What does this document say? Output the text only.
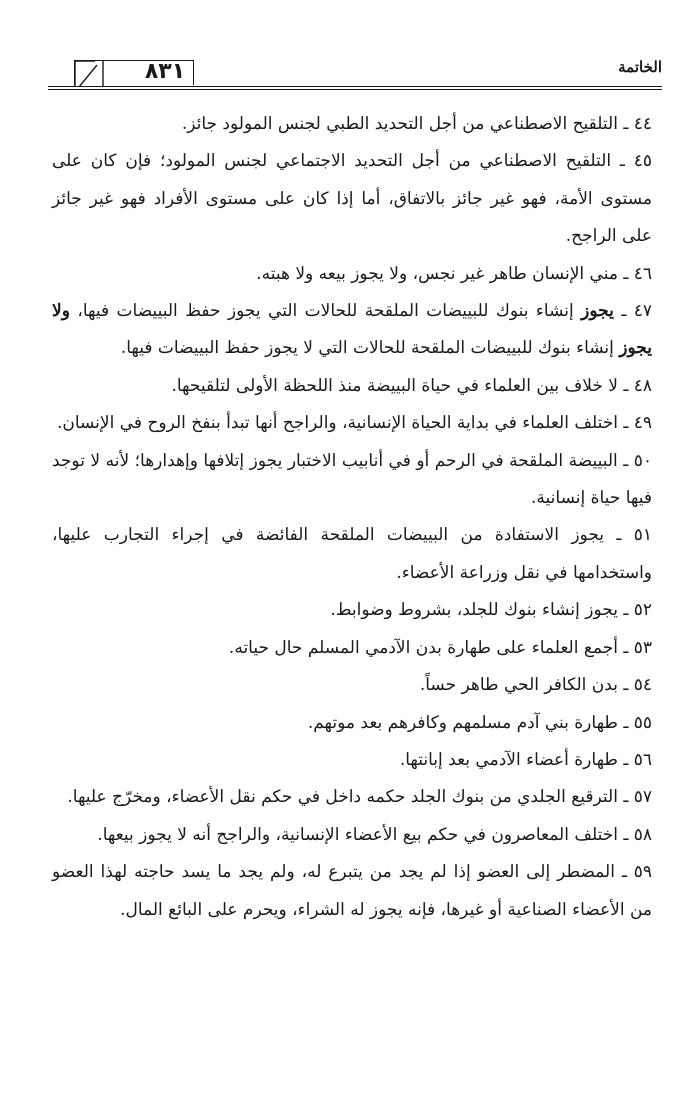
الخاتمة
٨٣١

٤٤ ـ التلقيح الاصطناعي من أجل التحديد الطبي لجنس المولود جائز.

٤٥ ـ التلقيح الاصطناعي من أجل التحديد الاجتماعي لجنس المولود؛ فإن كان على مستوى الأمة، فهو غير جائز بالاتفاق، أما إذا كان على مستوى الأفراد فهو غير جائز على الراجح.

٤٦ ـ مني الإنسان طاهر غير نجس، ولا يجوز بيعه ولا هبته.

٤٧ ـ يجوز إنشاء بنوك للبييضات الملقحة للحالات التي يجوز حفظ البييضات فيها، ولا يجوز إنشاء بنوك للبييضات الملقحة للحالات التي لا يجوز حفظ البييضات فيها.

٤٨ ـ لا خلاف بين العلماء في حياة البييضة منذ اللحظة الأولى لتلقيحها.

٤٩ ـ اختلف العلماء في بداية الحياة الإنسانية، والراجح أنها تبدأ بنفخ الروح في الإنسان.

٥٠ ـ البييضة الملقحة في الرحم أو في أنابيب الاختبار يجوز إتلافها وإهدارها؛ لأنه لا توجد فيها حياة إنسانية.

٥١ ـ يجوز الاستفادة من البييضات الملقحة الفائضة في إجراء التجارب عليها، واستخدامها في نقل وزراعة الأعضاء.

٥٢ ـ يجوز إنشاء بنوك للجلد، بشروط وضوابط.

٥٣ ـ أجمع العلماء على طهارة بدن الآدمي المسلم حال حياته.

٥٤ ـ بدن الكافر الحي طاهر حساً.

٥٥ ـ طهارة بني آدم مسلمهم وكافرهم بعد موتهم.

٥٦ ـ طهارة أعضاء الآدمي بعد إبانتها.

٥٧ ـ الترقيع الجلدي من بنوك الجلد حكمه داخل في حكم نقل الأعضاء، ومخرّج عليها.

٥٨ ـ اختلف المعاصرون في حكم بيع الأعضاء الإنسانية، والراجح أنه لا يجوز بيعها.

٥٩ ـ المضطر إلى العضو إذا لم يجد من يتبرع له، ولم يجد ما يسد حاجته لهذا العضو من الأعضاء الصناعية أو غيرها، فإنه يجوز له الشراء، ويحرم على البائع المال.
